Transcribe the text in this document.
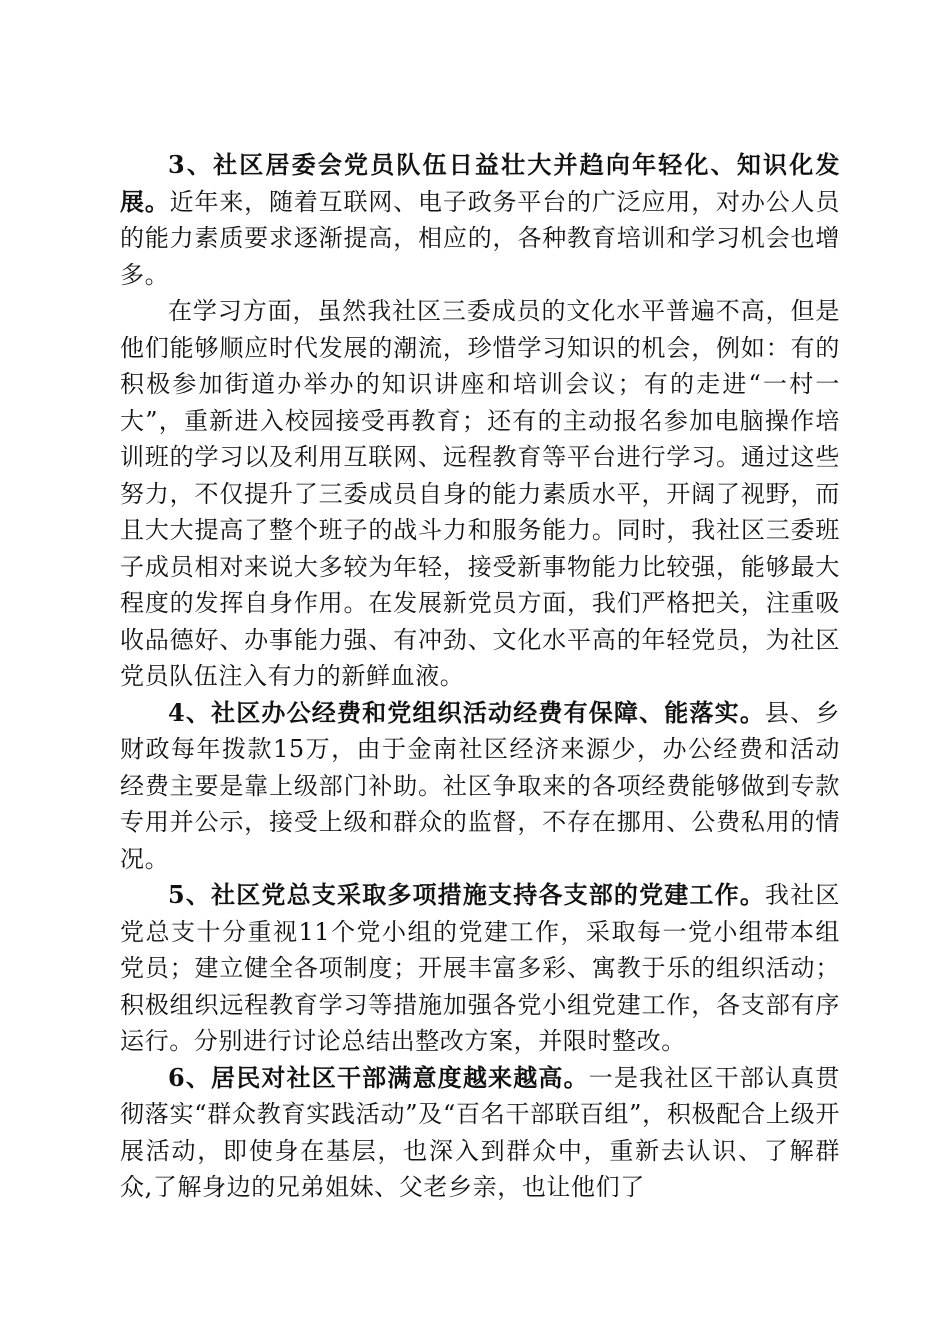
3、社区居委会党员队伍日益壮大并趋向年轻化、知识化发展。近年来，随着互联网、电子政务平台的广泛应用，对办公人员的能力素质要求逐渐提高，相应的，各种教育培训和学习机会也增多。

在学习方面，虽然我社区三委成员的文化水平普遍不高，但是他们能够顺应时代发展的潮流，珍惜学习知识的机会，例如：有的积极参加街道办举办的知识讲座和培训会议；有的走进“一村一大”，重新进入校园接受再教育；还有的主动报名参加电脑操作培训班的学习以及利用互联网、远程教育等平台进行学习。通过这些努力，不仅提升了三委成员自身的能力素质水平，开阔了视野，而且大大提高了整个班子的战斗力和服务能力。同时，我社区三委班子成员相对来说大多较为年轻，接受新事物能力比较强，能够最大程度的发挥自身作用。在发展新党员方面，我们严格把关，注重吸收品德好、办事能力强、有冲劲、文化水平高的年轻党员，为社区党员队伍注入有力的新鲜血液。

4、社区办公经费和党组织活动经费有保障、能落实。县、乡财政每年拨款15万，由于金南社区经济来源少，办公经费和活动经费主要是靠上级部门补助。社区争取来的各项经费能够做到专款专用并公示，接受上级和群众的监督，不存在挪用、公费私用的情况。

5、社区党总支采取多项措施支持各支部的党建工作。我社区党总支十分重视11个党小组的党建工作，采取每一党小组带本组党员；建立健全各项制度；开展丰富多彩、寓教于乐的组织活动；积极组织远程教育学习等措施加强各党小组党建工作，各支部有序运行。分别进行讨论总结出整改方案，并限时整改。

6、居民对社区干部满意度越来越高。一是我社区干部认真贯彻落实“群众教育实践活动”及“百名干部联百组”，积极配合上级开展活动，即使身在基层，也深入到群众中，重新去认识、了解群众,了解身边的兄弟姐妹、父老乡亲，也让他们了
